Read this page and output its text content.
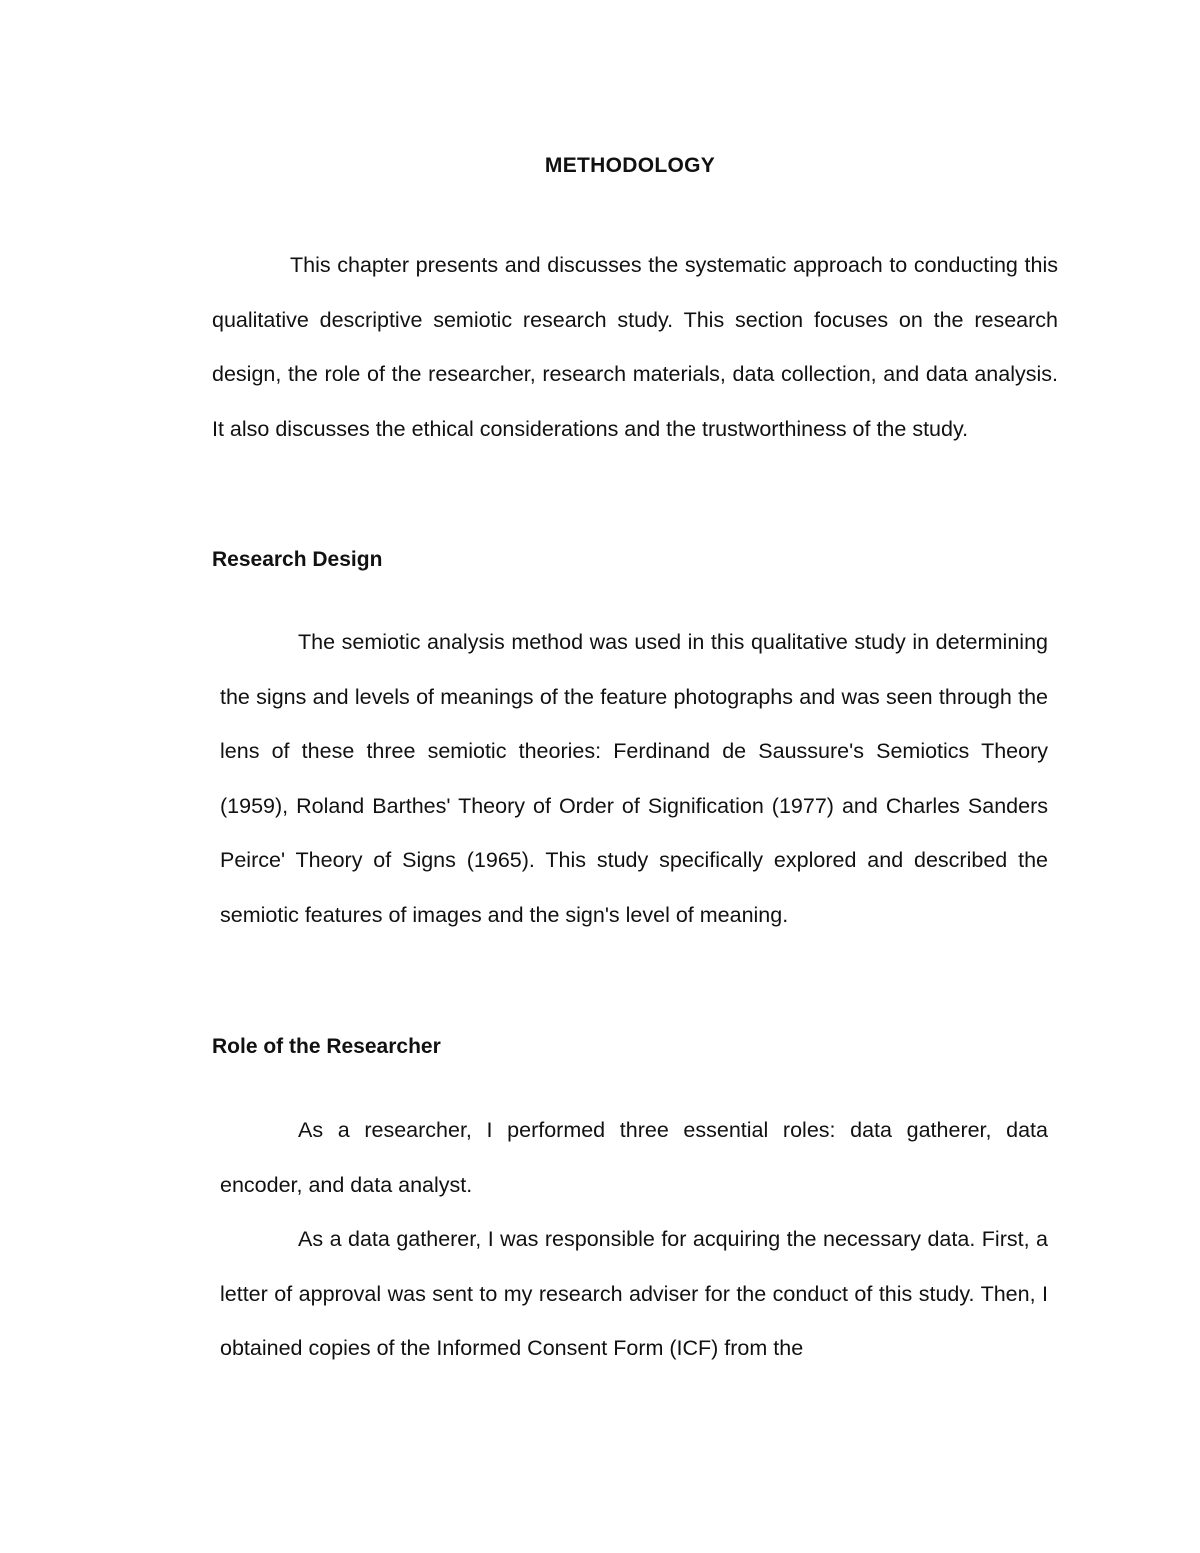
METHODOLOGY

This chapter presents and discusses the systematic approach to conducting this qualitative descriptive semiotic research study. This section focuses on the research design, the role of the researcher, research materials, data collection, and data analysis. It also discusses the ethical considerations and the trustworthiness of the study.

Research Design

The semiotic analysis method was used in this qualitative study in determining the signs and levels of meanings of the feature photographs and was seen through the lens of these three semiotic theories: Ferdinand de Saussure's Semiotics Theory (1959), Roland Barthes' Theory of Order of Signification (1977) and Charles Sanders Peirce' Theory of Signs (1965). This study specifically explored and described the semiotic features of images and the sign's level of meaning.

Role of the Researcher

As a researcher, I performed three essential roles: data gatherer, data encoder, and data analyst.

As a data gatherer, I was responsible for acquiring the necessary data. First, a letter of approval was sent to my research adviser for the conduct of this study. Then, I obtained copies of the Informed Consent Form (ICF) from the
